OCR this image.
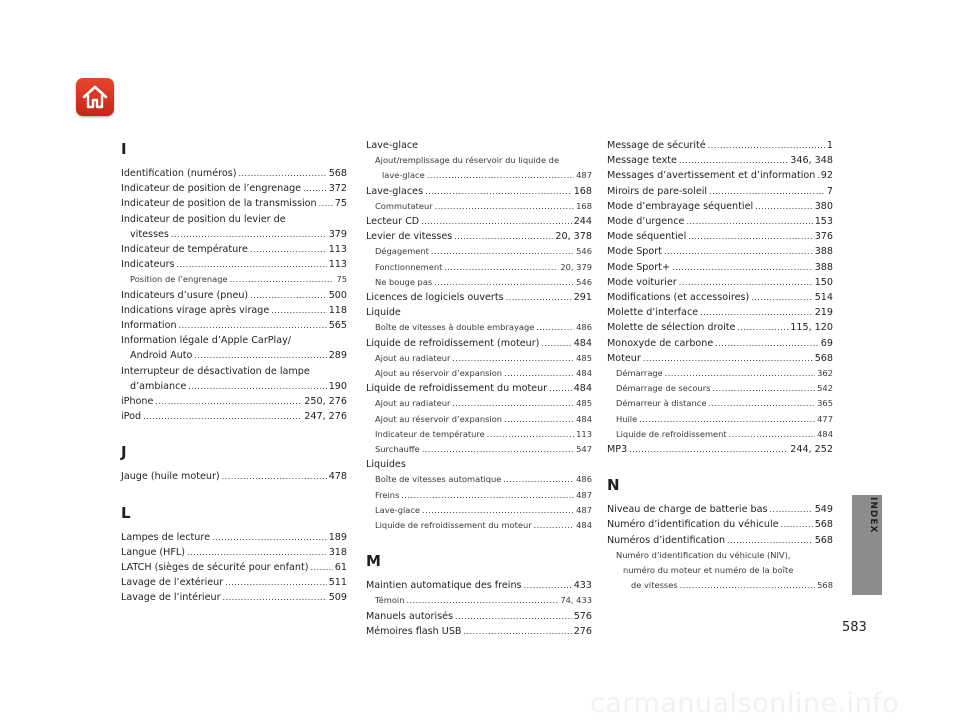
I
Identification (numéros) .....	568
Indicateur de position de l’engrenage .....	372
Indicateur de position de la transmission ..... 75
Indicateur de position du levier de
vitesses .....	379
Indicateur de température .....	113
Indicateurs .....	113
Position de l’engrenage .....	75
Indicateurs d’usure (pneu) .....	500
Indications virage après virage .....	118
Information .....	565
Information légale d’Apple CarPlay/
Android Auto .....	289
Interrupteur de désactivation de lampe
d’ambiance .....	190
iPhone .....	250, 276
iPod .....	247, 276
J
Jauge (huile moteur) .....	478
L
Lampes de lecture .....	189
Langue (HFL) .....	318
LATCH (sièges de sécurité pour enfant) .....	61
Lavage de l’extérieur .....	511
Lavage de l’intérieur .....	509
Lave-glace
Ajout/remplissage du réservoir du liquide de
lave-glace .....	487
Lave-glaces .....	168
Commutateur .....	168
Lecteur CD .....	244
Levier de vitesses .....	20, 378
Dégagement .....	546
Fonctionnement .....	20, 379
Ne bouge pas .....	546
Licences de logiciels ouverts .....	291
Liquide
Boîte de vitesses à double embrayage .....	486
Liquide de refroidissement (moteur) .....	484
Ajout au radiateur .....	485
Ajout au réservoir d’expansion .....	484
Liquide de refroidissement du moteur .....	484
Ajout au radiateur .....	485
Ajout au réservoir d’expansion .....	484
Indicateur de température .....	113
Surchauffe .....	547
Liquides
Boîte de vitesses automatique .....	486
Freins .....	487
Lave-glace .....	487
Liquide de refroidissement du moteur .....	484
M
Maintien automatique des freins .....	433
Témoin .....	74, 433
Manuels autorisés .....	576
Mémoires flash USB .....	276
Message de sécurité .....	1
Message texte .....	346, 348
Messages d’avertissement et d’information ..... 92
Miroirs de pare-soleil .....	7
Mode d’embrayage séquentiel .....	380
Mode d’urgence .....	153
Mode séquentiel .....	376
Mode Sport .....	388
Mode Sport+ .....	388
Mode voiturier .....	150
Modifications (et accessoires) .....	514
Molette d’interface .....	219
Molette de sélection droite .....	115, 120
Monoxyde de carbone .....	69
Moteur .....	568
Démarrage .....	362
Démarrage de secours .....	542
Démarreur à distance .....	365
Huile .....	477
Liquide de refroidissement .....	484
MP3 .....	244, 252
N
Niveau de charge de batterie bas .....	549
Numéro d’identification du véhicule .....	568
Numéros d’identification .....	568
Numéro d’identification du véhicule (NIV),
numéro du moteur et numéro de la boîte
de vitesses .....	568
INDEX
583
carmanualsonline.info
